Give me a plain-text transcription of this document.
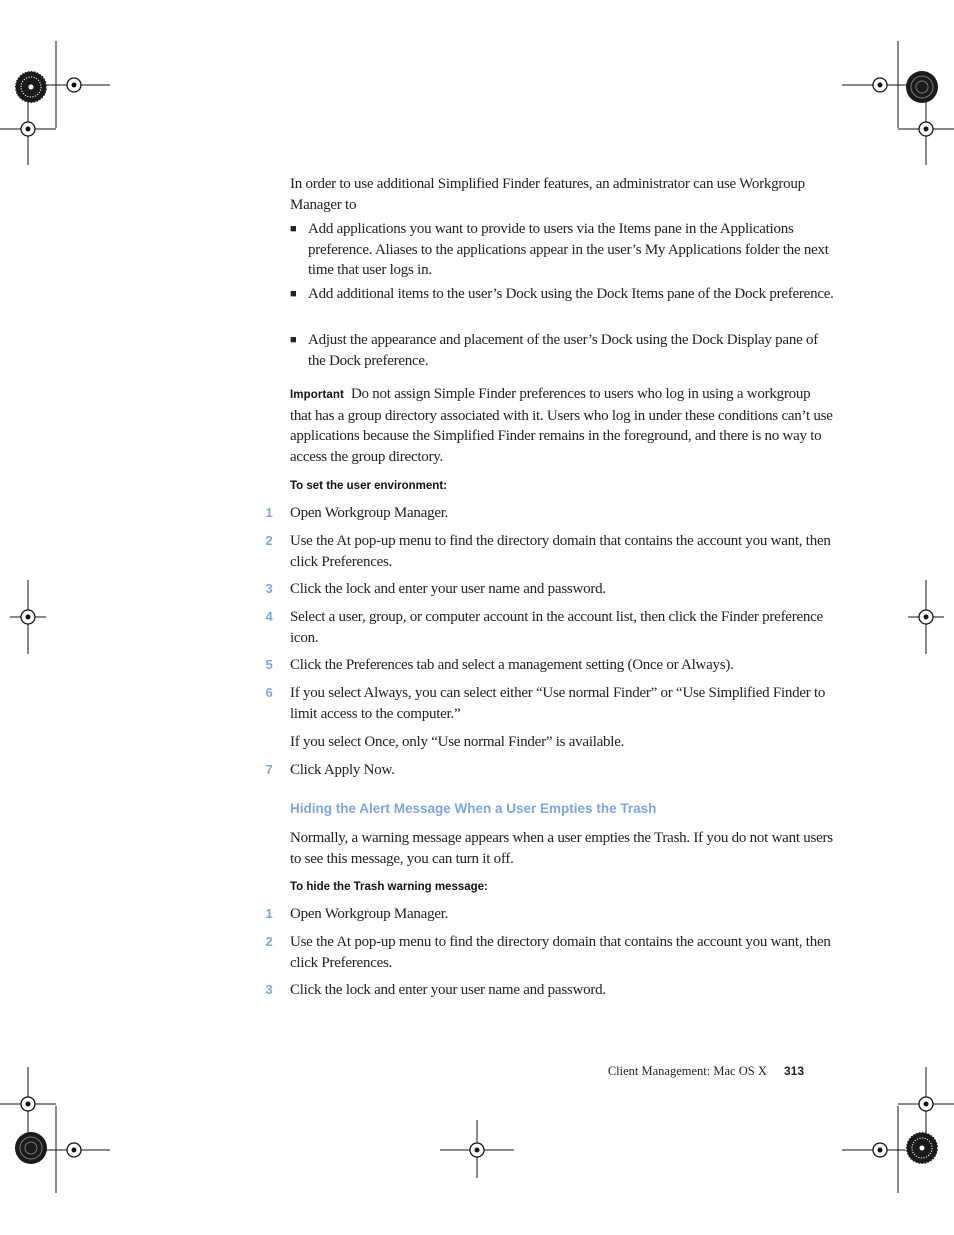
In order to use additional Simplified Finder features, an administrator can use Workgroup Manager to
■ Add applications you want to provide to users via the Items pane in the Applications preference. Aliases to the applications appear in the user’s My Applications folder the next time that user logs in.
■ Add additional items to the user’s Dock using the Dock Items pane of the Dock preference.
■ Adjust the appearance and placement of the user’s Dock using the Dock Display pane of the Dock preference.
Important Do not assign Simple Finder preferences to users who log in using a workgroup that has a group directory associated with it. Users who log in under these conditions can’t use applications because the Simplified Finder remains in the foreground, and there is no way to access the group directory.
To set the user environment:
1	Open Workgroup Manager.
2	Use the At pop-up menu to find the directory domain that contains the account you want, then click Preferences.
3	Click the lock and enter your user name and password.
4	Select a user, group, or computer account in the account list, then click the Finder preference icon.
5	Click the Preferences tab and select a management setting (Once or Always).
6	If you select Always, you can select either “Use normal Finder” or “Use Simplified Finder to limit access to the computer.”
If you select Once, only “Use normal Finder” is available.
7	Click Apply Now.
Hiding the Alert Message When a User Empties the Trash
Normally, a warning message appears when a user empties the Trash. If you do not want users to see this message, you can turn it off.
To hide the Trash warning message:
1	Open Workgroup Manager.
2	Use the At pop-up menu to find the directory domain that contains the account you want, then click Preferences.
3	Click the lock and enter your user name and password.
Client Management: Mac OS X 313
